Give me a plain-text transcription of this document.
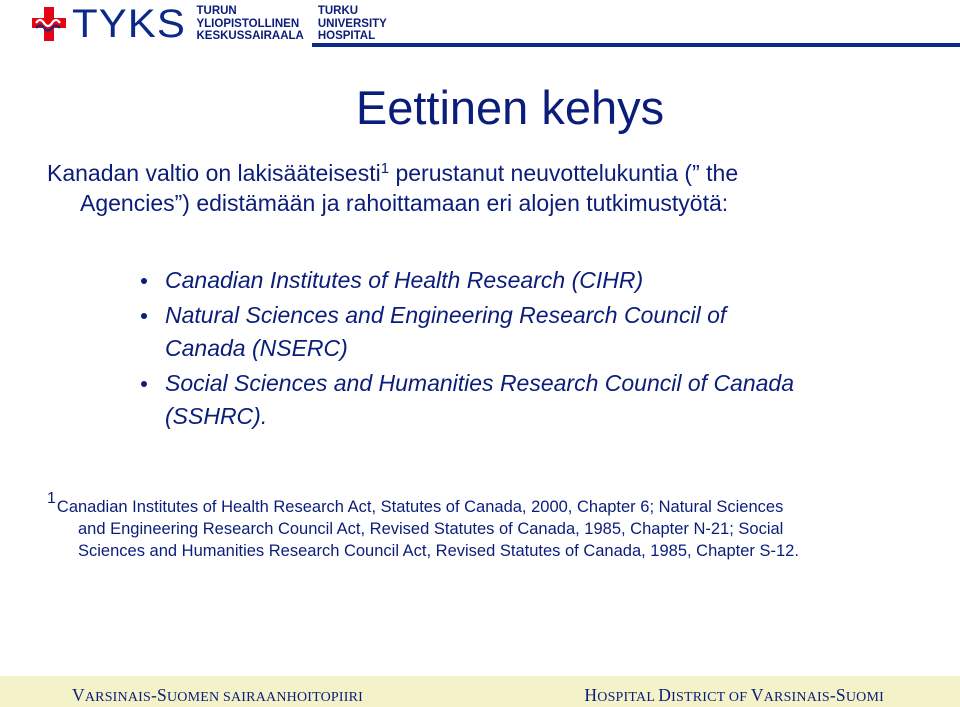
TYKS TURUN
YLIOPISTOLLINEN
KESKUSSAIRAALA
TURKU
UNIVERSITY
HOSPITAL
Eettinen kehys
Kanadan valtio on lakisääteisesti$^1$ perustanut neuvottelukuntia (” the
Agencies”) edistämään ja rahoittamaan eri alojen tutkimustyötä:
Canadian Institutes of Health Research (CIHR)
Natural Sciences and Engineering Research Council of
Canada (NSERC)
Social Sciences and Humanities Research Council of Canada
(SSHRC).
$^1$Canadian Institutes of Health Research Act, Statutes of Canada, 2000, Chapter 6; Natural Sciences
and Engineering Research Council Act, Revised Statutes of Canada, 1985, Chapter N-21; Social
Sciences and Humanities Research Council Act, Revised Statutes of Canada, 1985, Chapter S-12.
VARSINAIS-SUOMEN SAIRAANHOITOPIIRI	HOSPITAL DISTRICT OF VARSINAIS-SUOMI
